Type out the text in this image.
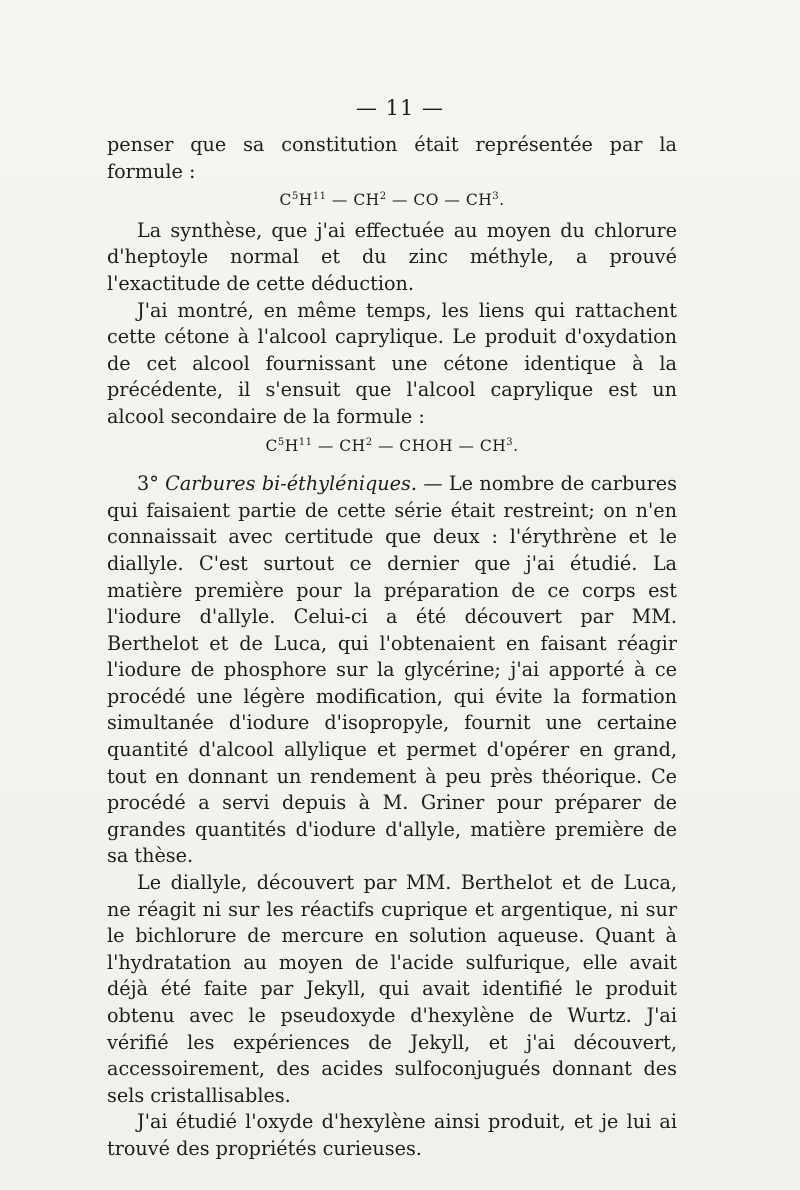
— 11 —

penser que sa constitution était représentée par la formule :

$C^5H^{11}$ — $CH^2$ — CO — $CH^3$.

La synthèse, que j'ai effectuée au moyen du chlorure d'heptoyle normal et du zinc méthyle, a prouvé l'exactitude de cette déduction.

J'ai montré, en même temps, les liens qui rattachent cette cétone à l'alcool caprylique. Le produit d'oxydation de cet alcool fournissant une cétone identique à la précédente, il s'ensuit que l'alcool caprylique est un alcool secondaire de la formule :

$C^5H^{11}$ — $CH^2$ — CHOH — $CH^3$.

3° Carbures bi-éthyléniques. — Le nombre de carbures qui faisaient partie de cette série était restreint; on n'en connaissait avec certitude que deux : l'érythrène et le diallyle. C'est surtout ce dernier que j'ai étudié. La matière première pour la préparation de ce corps est l'iodure d'allyle. Celui-ci a été découvert par MM. Berthelot et de Luca, qui l'obtenaient en faisant réagir l'iodure de phosphore sur la glycérine; j'ai apporté à ce procédé une légère modification, qui évite la formation simultanée d'iodure d'isopropyle, fournit une certaine quantité d'alcool allylique et permet d'opérer en grand, tout en donnant un rendement à peu près théorique. Ce procédé a servi depuis à M. Griner pour préparer de grandes quantités d'iodure d'allyle, matière première de sa thèse.

Le diallyle, découvert par MM. Berthelot et de Luca, ne réagit ni sur les réactifs cuprique et argentique, ni sur le bichlorure de mercure en solution aqueuse. Quant à l'hydratation au moyen de l'acide sulfurique, elle avait déjà été faite par Jekyll, qui avait identifié le produit obtenu avec le pseudoxyde d'hexylène de Wurtz. J'ai vérifié les expériences de Jekyll, et j'ai découvert, accessoirement, des acides sulfoconjugués donnant des sels cristallisables.

J'ai étudié l'oxyde d'hexylène ainsi produit, et je lui ai trouvé des propriétés curieuses.
